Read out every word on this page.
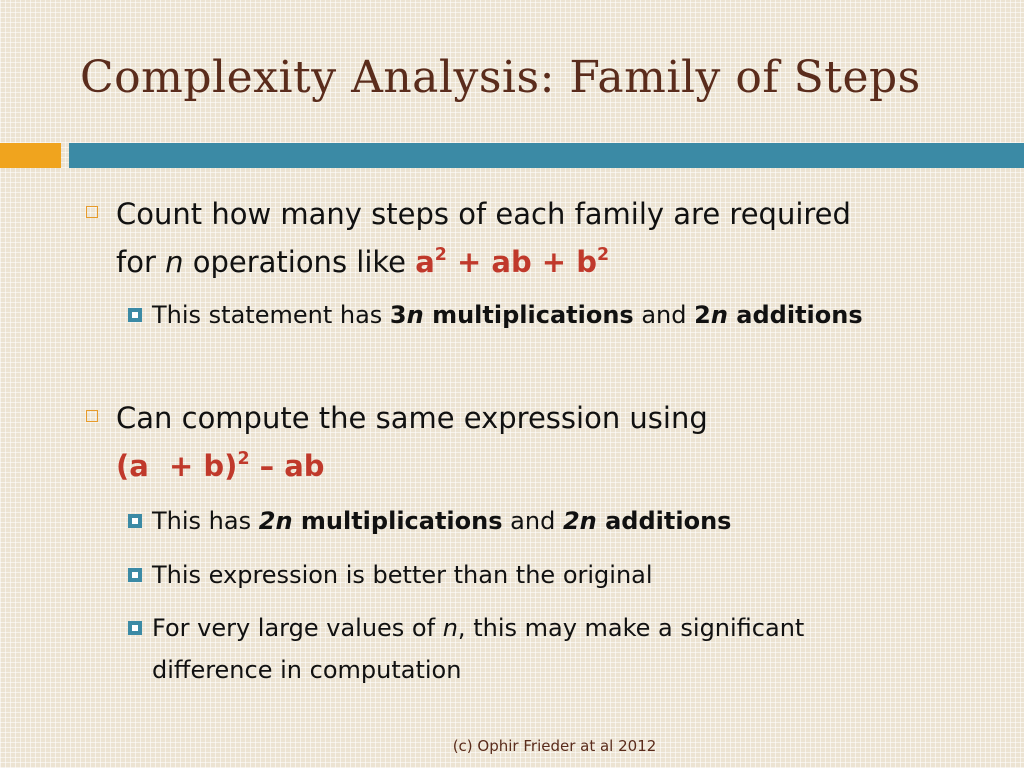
Complexity Analysis: Family of Steps
Count how many steps of each family are required
for n operations like $a^2$ + ab + $b^2$
This statement has 3n multiplications and 2n additions
Can compute the same expression using
$(a + b)^2$ – ab
This has 2n multiplications and 2n additions
This expression is better than the original
For very large values of n, this may make a significant
difference in computation
(c) Ophir Frieder at al 2012
